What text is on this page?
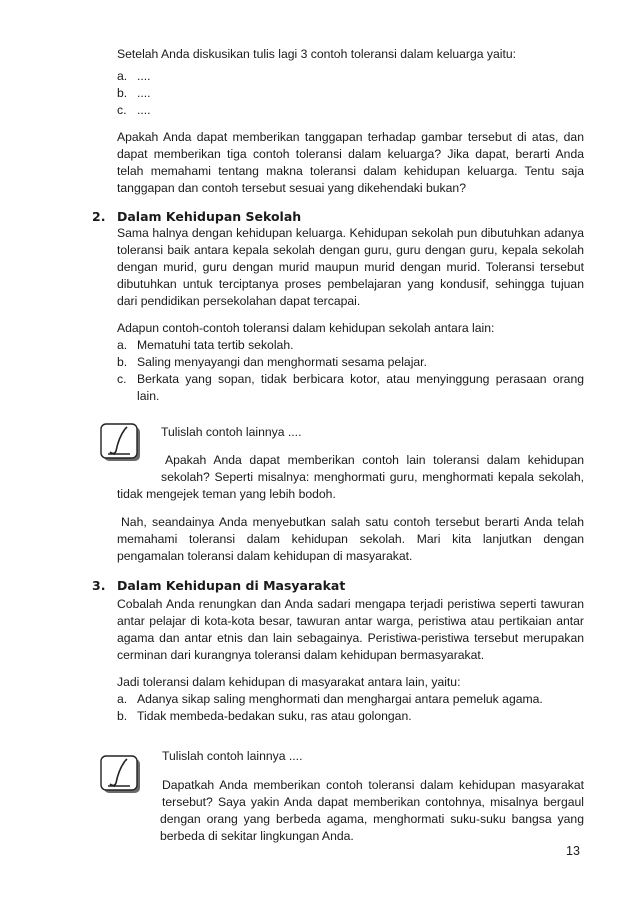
Setelah Anda diskusikan tulis lagi 3 contoh toleransi dalam keluarga yaitu:
a. ....
b. ....
c. ....
Apakah Anda dapat memberikan tanggapan terhadap gambar tersebut di atas, dan
dapat memberikan tiga contoh toleransi dalam keluarga? Jika dapat, berarti Anda
telah memahami tentang makna toleransi dalam kehidupan keluarga. Tentu saja
tanggapan dan contoh tersebut sesuai yang dikehendaki bukan?
2. Dalam Kehidupan Sekolah
Sama halnya dengan kehidupan keluarga. Kehidupan sekolah pun dibutuhkan adanya
toleransi baik antara kepala sekolah dengan guru, guru dengan guru, kepala sekolah
dengan murid, guru dengan murid maupun murid dengan murid. Toleransi tersebut
dibutuhkan untuk terciptanya proses pembelajaran yang kondusif, sehingga tujuan
dari pendidikan persekolahan dapat tercapai.
Adapun contoh-contoh toleransi dalam kehidupan sekolah antara lain:
a. Mematuhi tata tertib sekolah.
b. Saling menyayangi dan menghormati sesama pelajar.
c. Berkata yang sopan, tidak berbicara kotor, atau menyinggung perasaan orang
lain.
Tulislah contoh lainnya ....
Apakah Anda dapat memberikan contoh lain toleransi dalam kehidupan
sekolah? Seperti misalnya: menghormati guru, menghormati kepala sekolah,
tidak mengejek teman yang lebih bodoh.
Nah, seandainya Anda menyebutkan salah satu contoh tersebut berarti Anda telah
memahami toleransi dalam kehidupan sekolah. Mari kita lanjutkan dengan
pengamalan toleransi dalam kehidupan di masyarakat.
3. Dalam Kehidupan di Masyarakat
Cobalah Anda renungkan dan Anda sadari mengapa terjadi peristiwa seperti tawuran
antar pelajar di kota-kota besar, tawuran antar warga, peristiwa atau pertikaian antar
agama dan antar etnis dan lain sebagainya. Peristiwa-peristiwa tersebut merupakan
cerminan dari kurangnya toleransi dalam kehidupan bermasyarakat.
Jadi toleransi dalam kehidupan di masyarakat antara lain, yaitu:
a. Adanya sikap saling menghormati dan menghargai antara pemeluk agama.
b. Tidak membeda-bedakan suku, ras atau golongan.
Tulislah contoh lainnya ....
Dapatkah Anda memberikan contoh toleransi dalam kehidupan masyarakat
tersebut? Saya yakin Anda dapat memberikan contohnya, misalnya bergaul
dengan orang yang berbeda agama, menghormati suku-suku bangsa yang
berbeda di sekitar lingkungan Anda.
13
